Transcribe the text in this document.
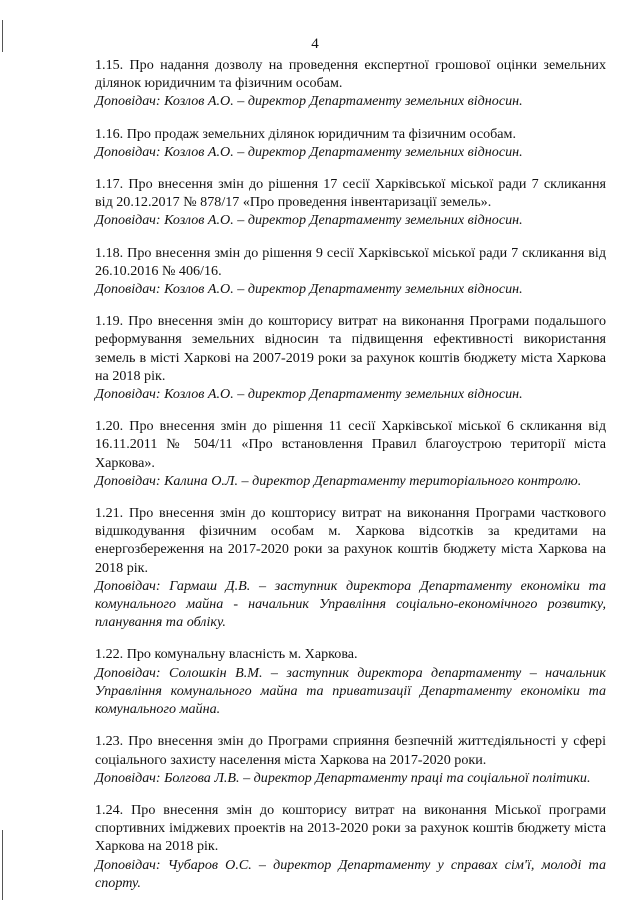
4

1.15. Про надання дозволу на проведення експертної грошової оцінки земельних ділянок юридичним та фізичним особам.

Доповідач: Козлов А.О. – директор Департаменту земельних відносин.

1.16. Про продаж земельних ділянок юридичним та фізичним особам.

Доповідач: Козлов А.О. – директор Департаменту земельних відносин.

1.17. Про внесення змін до рішення 17 сесії Харківської міської ради 7 скликання від 20.12.2017 № 878/17 «Про проведення інвентаризації земель».

Доповідач: Козлов А.О. – директор Департаменту земельних відносин.

1.18. Про внесення змін до рішення 9 сесії Харківської міської ради 7 скликання від 26.10.2016 № 406/16.

Доповідач: Козлов А.О. – директор Департаменту земельних відносин.

1.19. Про внесення змін до кошторису витрат на виконання Програми подальшого реформування земельних відносин та підвищення ефективності використання земель в місті Харкові на 2007-2019 роки за рахунок коштів бюджету міста Харкова на 2018 рік.

Доповідач: Козлов А.О. – директор Департаменту земельних відносин.

1.20. Про внесення змін до рішення 11 сесії Харківської міської 6 скликання від 16.11.2011 № 504/11 «Про встановлення Правил благоустрою території міста Харкова».

Доповідач: Калина О.Л. – директор Департаменту територіального контролю.

1.21. Про внесення змін до кошторису витрат на виконання Програми часткового відшкодування фізичним особам м. Харкова відсотків за кредитами на енергозбереження на 2017-2020 роки за рахунок коштів бюджету міста Харкова на 2018 рік.

Доповідач: Гармаш Д.В. – заступник директора Департаменту економіки та комунального майна - начальник Управління соціально-економічного розвитку, планування та обліку.

1.22. Про комунальну власність м. Харкова.

Доповідач: Солошкін В.М. – заступник директора департаменту – начальник Управління комунального майна та приватизації Департаменту економіки та комунального майна.

1.23. Про внесення змін до Програми сприяння безпечній життєдіяльності у сфері соціального захисту населення міста Харкова на 2017-2020 роки.

Доповідач: Болгова Л.В. – директор Департаменту праці та соціальної політики.

1.24. Про внесення змін до кошторису витрат на виконання Міської програми спортивних іміджевих проектів на 2013-2020 роки за рахунок коштів бюджету міста Харкова на 2018 рік.

Доповідач: Чубаров О.С. – директор Департаменту у справах сім'ї, молоді та спорту.
